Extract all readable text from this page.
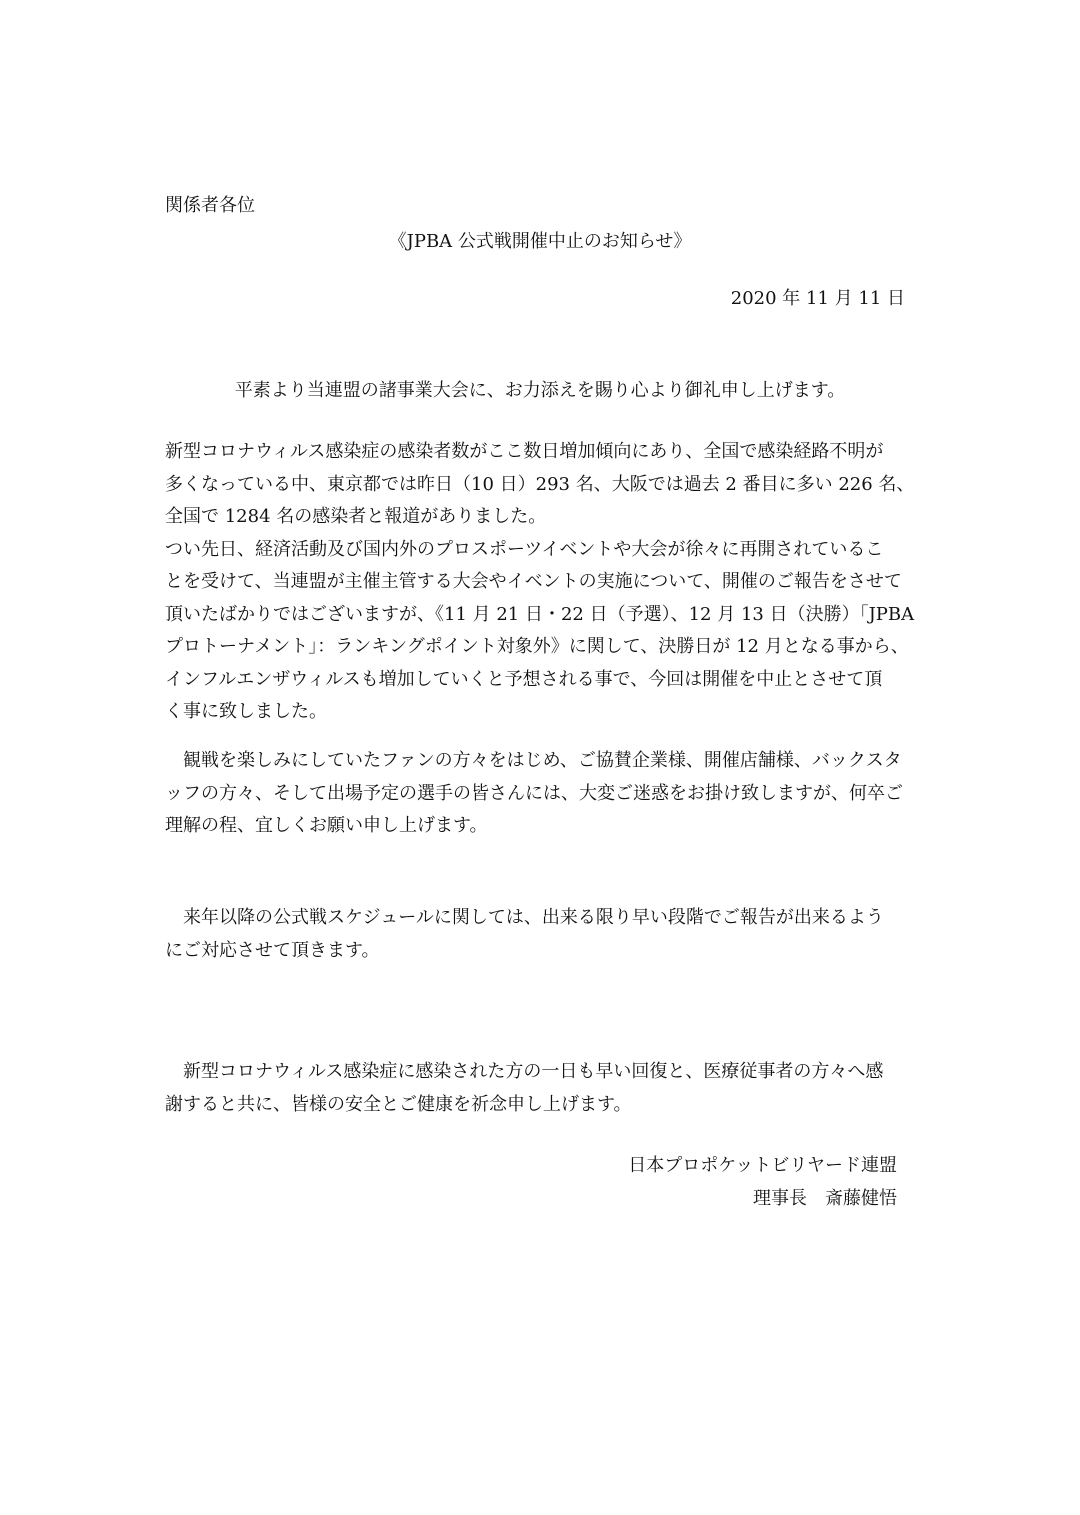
関係者各位
《JPBA 公式戦開催中止のお知らせ》
2020 年 11 月 11 日
平素より当連盟の諸事業大会に、お力添えを賜り心より御礼申し上げます。
新型コロナウィルス感染症の感染者数がここ数日増加傾向にあり、全国で感染経路不明が
多くなっている中、東京都では昨日（10 日）293 名、大阪では過去 2 番目に多い 226 名、
全国で 1284 名の感染者と報道がありました。
つい先日、経済活動及び国内外のプロスポーツイベントや大会が徐々に再開されているこ
とを受けて、当連盟が主催主管する大会やイベントの実施について、開催のご報告をさせて
頂いたばかりではございますが、《11 月 21 日・22 日（予選）、12 月 13 日（決勝）「JPBA
プロトーナメント」：ランキングポイント対象外》に関して、決勝日が 12 月となる事から、
インフルエンザウィルスも増加していくと予想される事で、今回は開催を中止とさせて頂
く事に致しました。
　観戦を楽しみにしていたファンの方々をはじめ、ご協賛企業様、開催店舗様、バックスタ
ッフの方々、そして出場予定の選手の皆さんには、大変ご迷惑をお掛け致しますが、何卒ご
理解の程、宜しくお願い申し上げます。
　来年以降の公式戦スケジュールに関しては、出来る限り早い段階でご報告が出来るよう
にご対応させて頂きます。
　新型コロナウィルス感染症に感染された方の一日も早い回復と、医療従事者の方々へ感
謝すると共に、皆様の安全とご健康を祈念申し上げます。
日本プロポケットビリヤード連盟
理事長　斎藤健悟
